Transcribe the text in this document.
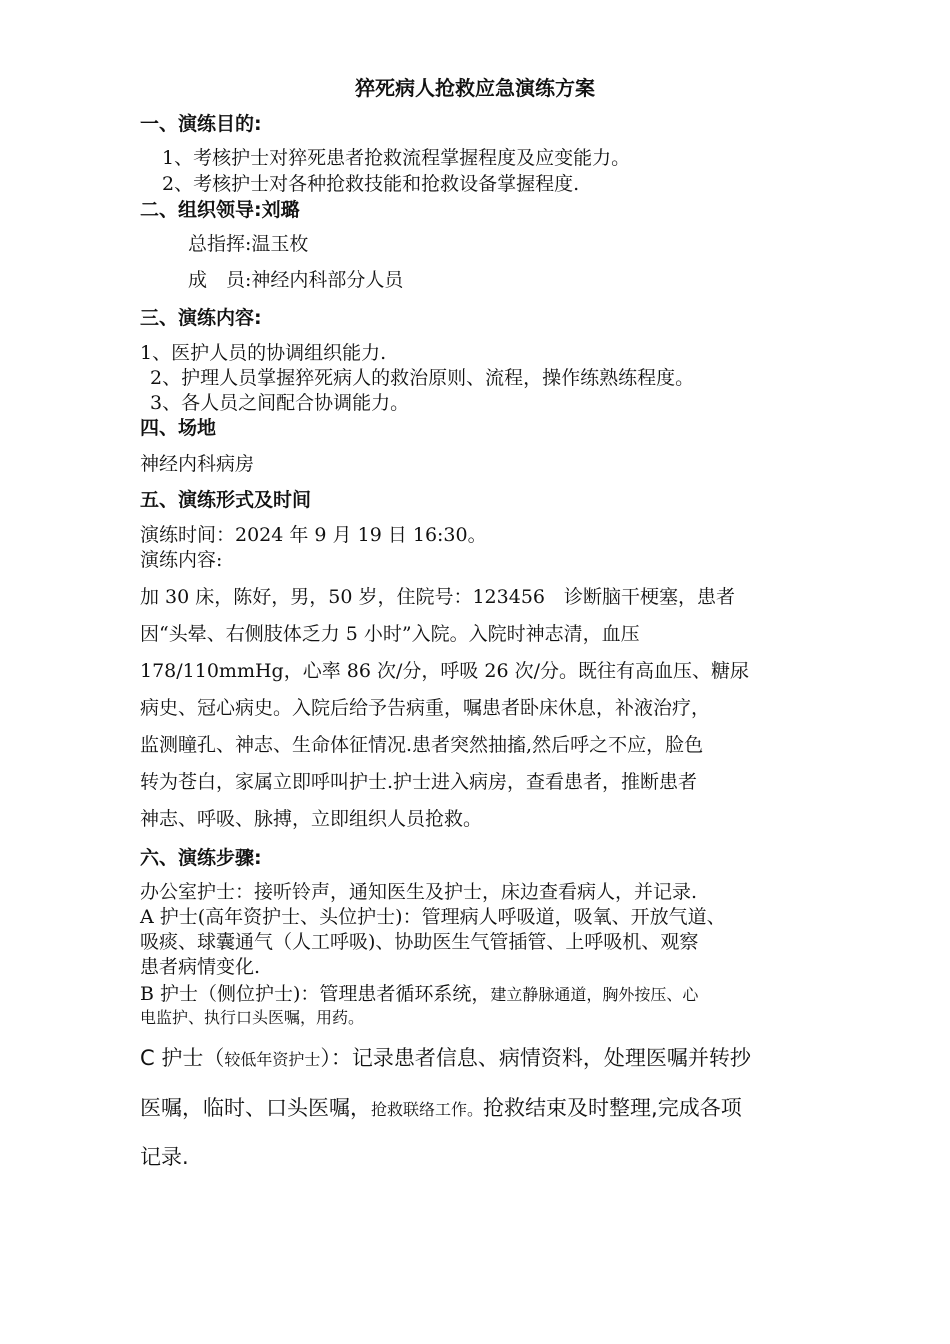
猝死病人抢救应急演练方案
一、演练目的:
1、考核护士对猝死患者抢救流程掌握程度及应变能力。
2、考核护士对各种抢救技能和抢救设备掌握程度.
二、组织领导:刘璐
总指挥:温玉枚
成　员:神经内科部分人员
三、演练内容:
1、医护人员的协调组织能力.
2、护理人员掌握猝死病人的救治原则、流程，操作练熟练程度。
3、各人员之间配合协调能力。
四、场地
神经内科病房
五、演练形式及时间
演练时间：2024 年 9 月 19 日 16:30。
演练内容:
加 30 床，陈好，男，50 岁，住院号：123456　诊断脑干梗塞，患者
因“头晕、右侧肢体乏力 5 小时”入院。入院时神志清，血压
178/110mmHg，心率 86 次/分，呼吸 26 次/分。既往有高血压、糖尿
病史、冠心病史。入院后给予告病重，嘱患者卧床休息，补液治疗，
监测瞳孔、神志、生命体征情况.患者突然抽搐,然后呼之不应，脸色
转为苍白，家属立即呼叫护士.护士进入病房，查看患者，推断患者
神志、呼吸、脉搏，立即组织人员抢救。
六、演练步骤:
办公室护士：接听铃声，通知医生及护士，床边查看病人，并记录.
A 护士(高年资护士、头位护士)：管理病人呼吸道，吸氧、开放气道、
吸痰、球囊通气（人工呼吸)、协助医生气管插管、上呼吸机、观察
患者病情变化.
B 护士（侧位护士)：管理患者循环系统，建立静脉通道，胸外按压、心
电监护、执行口头医嘱，用药。
C 护士（较低年资护士）：记录患者信息、病情资料，处理医嘱并转抄
医嘱，临时、口头医嘱，抢救联络工作。抢救结束及时整理,完成各项
记录.
